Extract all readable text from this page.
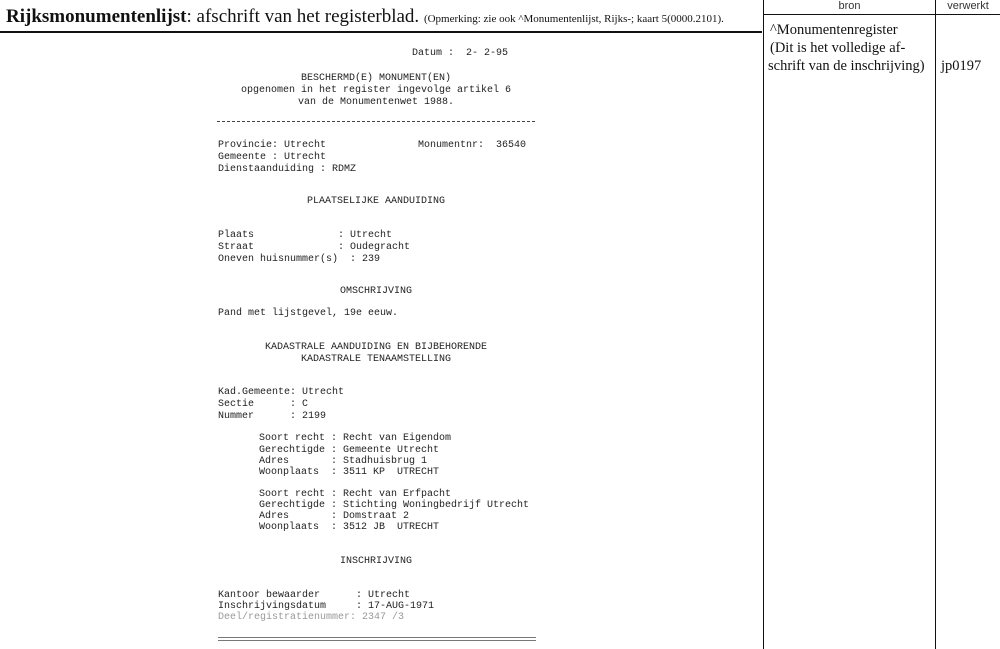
Rijksmonumentenlijst: afschrift van het registerblad. (Opmerking: zie ook ^Monumentenlijst, Rijks-; kaart 5(0000.2101).
bron	verwerkt
^Monumentenregister
(Dit is het volledige af-
schrift van de inschrijving) jp0197
Datum :  2- 2-95
BESCHERMD(E) MONUMENT(EN)
opgenomen in het register ingevolge artikel 6
van de Monumentenwet 1988.
Provincie: Utrecht	Monumentnr:  36540
Gemeente : Utrecht
Dienstaanduiding : RDMZ
PLAATSELIJKE AANDUIDING
Plaats              : Utrecht
Straat              : Oudegracht
Oneven huisnummer(s)  : 239
OMSCHRIJVING
Pand met lijstgevel, 19e eeuw.
KADASTRALE AANDUIDING EN BIJBEHORENDE
KADASTRALE TENAAMSTELLING
Kad.Gemeente: Utrecht
Sectie      : C
Nummer      : 2199
Soort recht : Recht van Eigendom
Gerechtigde : Gemeente Utrecht
Adres       : Stadhuisbrug 1
Woonplaats  : 3511 KP  UTRECHT
Soort recht : Recht van Erfpacht
Gerechtigde : Stichting Woningbedrijf Utrecht
Adres       : Domstraat 2
Woonplaats  : 3512 JB  UTRECHT
INSCHRIJVING
Kantoor bewaarder      : Utrecht
Inschrijvingsdatum     : 17-AUG-1971
Deel/registratienummer: 2347 /3
